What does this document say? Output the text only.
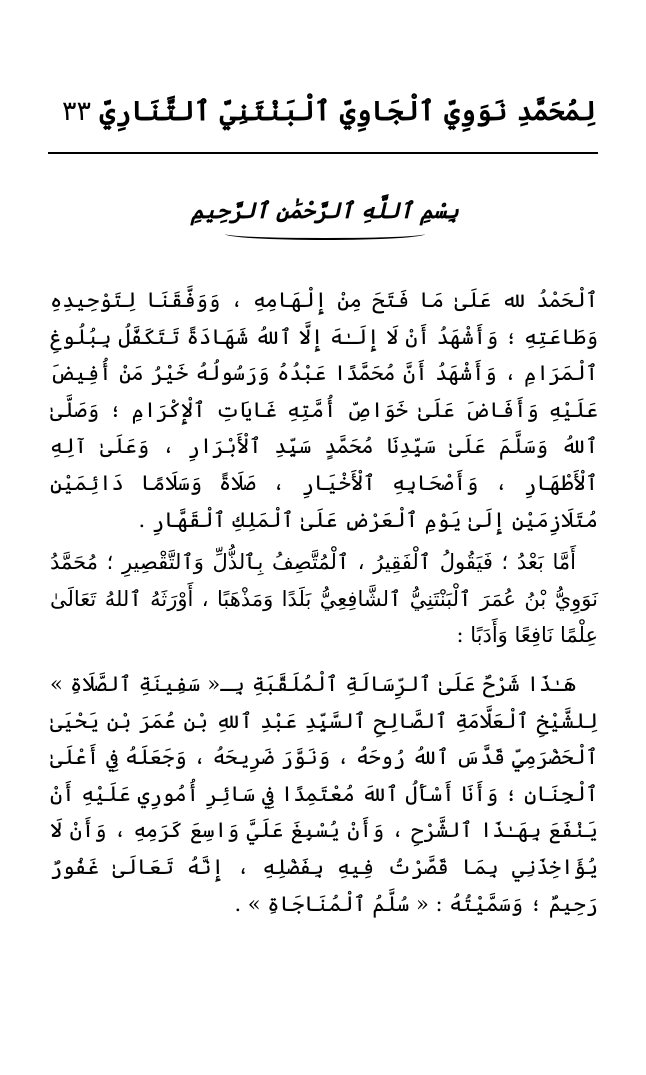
٣٣ لِمُحَمَّدِ نَوَوِيّ ٱلْجَاوِيّ ٱلْبَنْتَنِيّ ٱلتَّنَارِيّ
بِسْمِ ٱللَّهِ ٱلرَّحْمَٰنِ ٱلرَّحِيمِ

ٱلْحَمْدُ لله عَلَىٰ مَا فَتَحَ مِنْ إِلْهَامِهِ ، وَوَفَّقَنَا لِتَوْحِيدِهِ وَطَاعَتِهِ ؛ وَأَشْهَدُ أَنْ لَا إِلَـٰهَ إِلَّا ٱللهُ شَهَادَةً تَتَكَفَّلُ بِبُلُوغِ ٱلْمَرَامِ ، وَأَشْهَدُ أَنَّ مُحَمَّدًا عَبْدُهُ وَرَسُولُهُ خَيْرُ مَنْ أُفِيضَ عَلَيْهِ وَأَفَاضَ عَلَىٰ خَوَاصِّ أُمَّتِهِ غَايَاتِ ٱلْإِكْرَامِ ؛ وَصَلَّىٰ ٱللهُ وَسَلَّمَ عَلَىٰ سَيِّدِنَا مُحَمَّدٍ سَيِّدِ ٱلْأَبْرَارِ ، وَعَلَىٰ آلِهِ ٱلْأَطْهَارِ ، وَأَصْحَابِهِ ٱلْأَخْيَارِ ، صَلَاةً وَسَلَامًا دَائِمَيْنِ مُتَلَازِمَيْنِ إِلَىٰ يَوْمِ ٱلْعَرْضِ عَلَىٰ ٱلْمَلِكِ ٱلْقَهَّارِ .

أَمَّا بَعْدُ ؛ فَيَقُولُ ٱلْفَقِيرُ ، ٱلْمُتَّصِفُ بِٱلذُّلِّ وَٱلتَّقْصِيرِ ؛ مُحَمَّدُ نَوَوِيُّ بْنُ عُمَرَ ٱلْبَنْتَنِيُّ ٱلشَّافِعِيُّ بَلَدًا وَمَذْهَبًا ، أَوْرَثَهُ ٱللهُ تَعَالَىٰ عِلْمًا نَافِعًا وَأَدَبًا :

هَـٰذَا شَرْحٌ عَلَىٰ ٱلرِّسَالَةِ ٱلْمُلَقَّبَةِ بِـ« سَفِينَةِ ٱلصَّلَاةِ » لِلشَّيْخِ ٱلْعَلَّامَةِ ٱلصَّالِحِ ٱلسَّيِّدِ عَبْدِ ٱللهِ بْنِ عُمَرَ بْنِ يَحْيَىٰ ٱلْحَضْرَمِيِّ قَدَّسَ ٱللهُ رُوحَهُ ، وَنَوَّرَ ضَرِيحَهُ ، وَجَعَلَهُ فِي أَعْلَىٰ ٱلْجِنَانِ ؛ وَأَنَا أَسْأَلُ ٱللهَ مُعْتَمِدًا فِي سَائِرِ أُمُورِي عَلَيْهِ أَنْ يَنْفَعَ بِهَـٰذَا ٱلشَّرْحِ ، وَأَنْ يُسْبِغَ عَلَيَّ وَاسِعَ كَرَمِهِ ، وَأَنْ لَا يُؤَاخِذَنِي بِمَا قَصَّرْتُ فِيهِ بِفَضْلِهِ ، إِنَّهُ تَعَالَىٰ غَفُورٌ رَحِيمٌ ؛ وَسَمَّيْتُهُ : « سُلَّمُ ٱلْمُنَاجَاةِ » .
